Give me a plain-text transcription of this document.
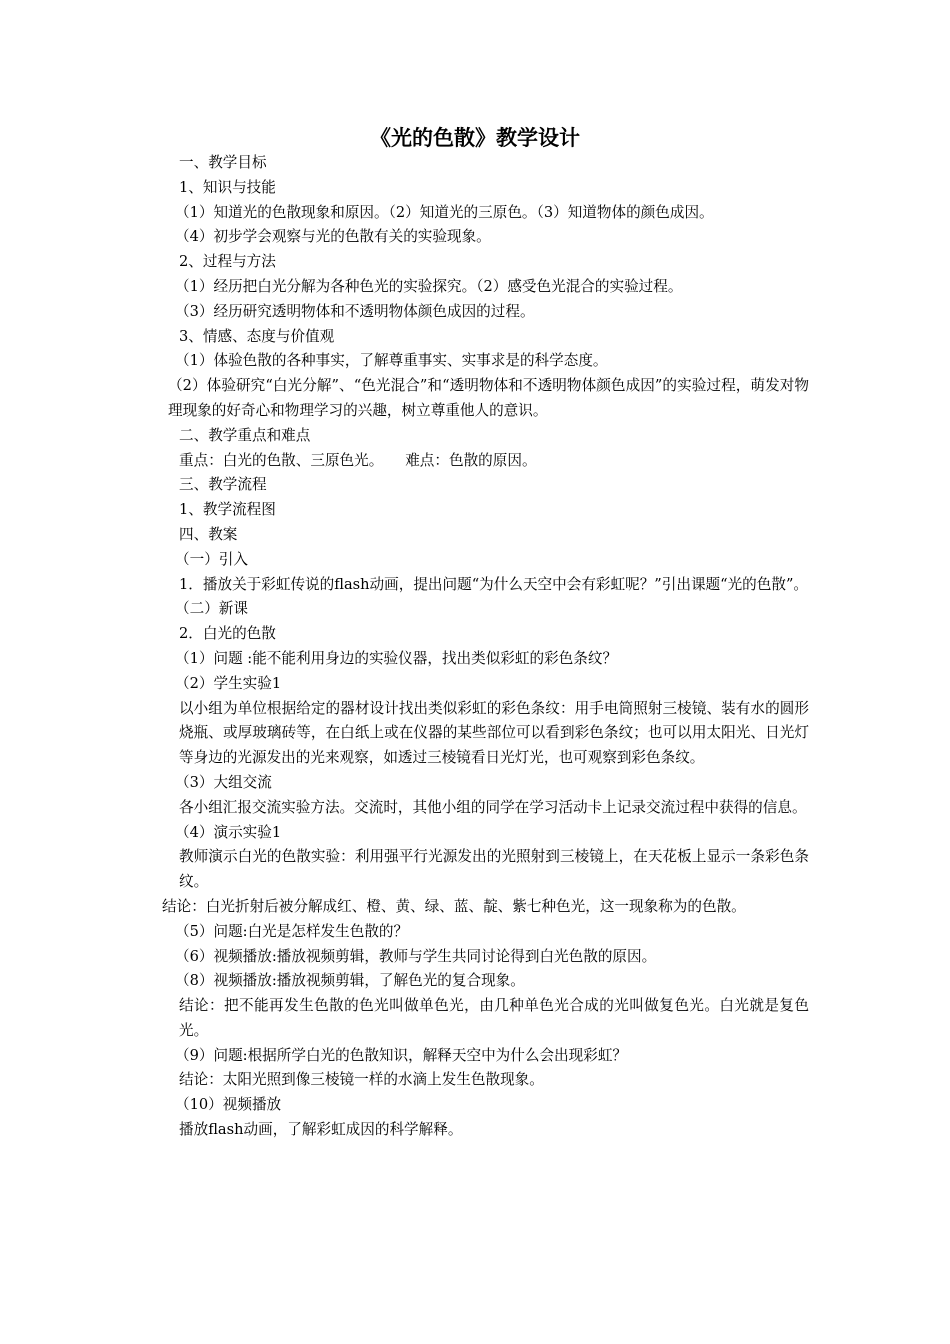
《光的色散》教学设计

一、教学目标

1、知识与技能

（1）知道光的色散现象和原因。（2）知道光的三原色。（3）知道物体的颜色成因。

（4）初步学会观察与光的色散有关的实验现象。

2、过程与方法

（1）经历把白光分解为各种色光的实验探究。（2）感受色光混合的实验过程。

（3）经历研究透明物体和不透明物体颜色成因的过程。

3、情感、态度与价值观

（1）体验色散的各种事实，了解尊重事实、实事求是的科学态度。

（2）体验研究“白光分解”、“色光混合”和“透明物体和不透明物体颜色成因”的实验过程，萌发对物理现象的好奇心和物理学习的兴趣，树立尊重他人的意识。

二、教学重点和难点

重点：白光的色散、三原色光。　　难点：色散的原因。

三、教学流程

1、教学流程图

四、教案

（一）引入

1．播放关于彩虹传说的flash动画，提出问题“为什么天空中会有彩虹呢？”引出课题“光的色散”。

（二）新课

2．白光的色散

（1）问题 :能不能利用身边的实验仪器，找出类似彩虹的彩色条纹？

（2）学生实验1

以小组为单位根据给定的器材设计找出类似彩虹的彩色条纹：用手电筒照射三棱镜、装有水的圆形烧瓶、或厚玻璃砖等，在白纸上或在仪器的某些部位可以看到彩色条纹；也可以用太阳光、日光灯等身边的光源发出的光来观察，如透过三棱镜看日光灯光，也可观察到彩色条纹。

（3）大组交流

各小组汇报交流实验方法。交流时，其他小组的同学在学习活动卡上记录交流过程中获得的信息。

（4）演示实验1

教师演示白光的色散实验：利用强平行光源发出的光照射到三棱镜上，在天花板上显示一条彩色条纹。

结论：白光折射后被分解成红、橙、黄、绿、蓝、靛、紫七种色光，这一现象称为的色散。

（5）问题:白光是怎样发生色散的？

（6）视频播放:播放视频剪辑，教师与学生共同讨论得到白光色散的原因。

（8）视频播放:播放视频剪辑，了解色光的复合现象。

结论：把不能再发生色散的色光叫做单色光，由几种单色光合成的光叫做复色光。白光就是复色光。

（9）问题:根据所学白光的色散知识，解释天空中为什么会出现彩虹？

结论：太阳光照到像三棱镜一样的水滴上发生色散现象。

（10）视频播放

播放flash动画，了解彩虹成因的科学解释。
